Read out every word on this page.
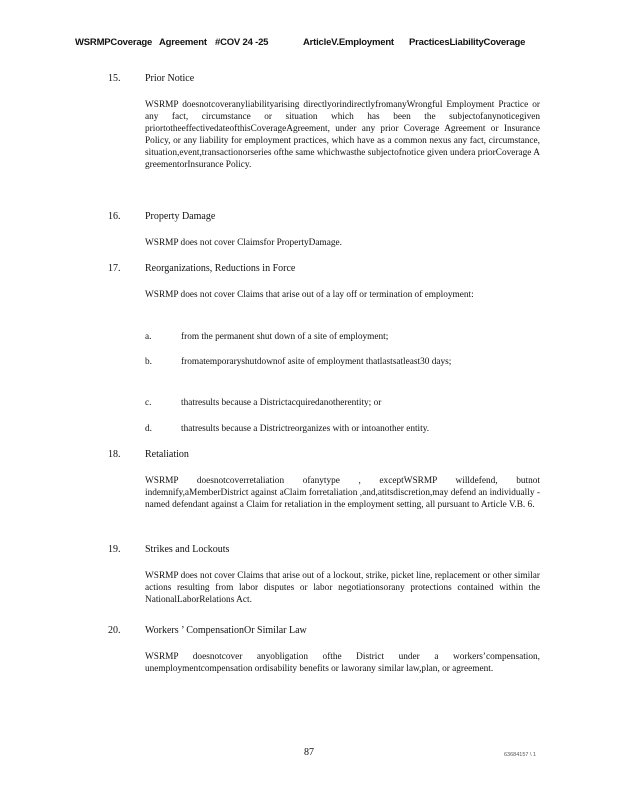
WSRMPCoverage Agreement #COV 24 -25	ArticleV.Employment PracticesLiabilityCoverage
15. Prior Notice
WSRMP doesnotcoveranyliabilityarising directlyorindirectlyfromanyWrongful Employment Practice or any fact, circumstance or situation which has been the subjectofanynoticegiven priortotheeffectivedateofthisCoverageAgreement, under any prior Coverage Agreement or Insurance Policy, or any liability for employment practices, which have as a common nexus any fact, circumstance, situation,event,transactionorseries ofthe same whichwasthe subjectofnotice given undera priorCoverage A greementorInsurance Policy.
16. Property Damage
WSRMP does not cover Claimsfor PropertyDamage.
17. Reorganizations, Reductions in Force
WSRMP does not cover Claims that arise out of a lay off or termination of employment:
a.	from the permanent shut down of a site of employment;
b.	fromatemporaryshutdownof asite of employment thatlastsatleast30 days;
c.	thatresults because a Districtacquiredanotherentity; or
d.	thatresults because a Districtreorganizes with or intoanother entity.
18. Retaliation
WSRMP doesnotcoverretaliation ofanytype , exceptWSRMP willdefend, butnot indemnify,aMemberDistrict against aClaim forretaliation ,and,atitsdiscretion,may defend an individually -named defendant against a Claim for retaliation in the employment setting, all pursuant to Article V.B. 6.
19. Strikes and Lockouts
WSRMP does not cover Claims that arise out of a lockout, strike, picket line, replacement or other similar actions resulting from labor disputes or labor negotiationsorany protections contained within the NationalLaborRelations Act.
20. Workers ’ CompensationOr Similar Law
WSRMP doesnotcover anyobligation ofthe District under a workers’compensation, unemploymentcompensation ordisability benefits or laworany similar law,plan, or agreement.
87	63684157 \ 1
